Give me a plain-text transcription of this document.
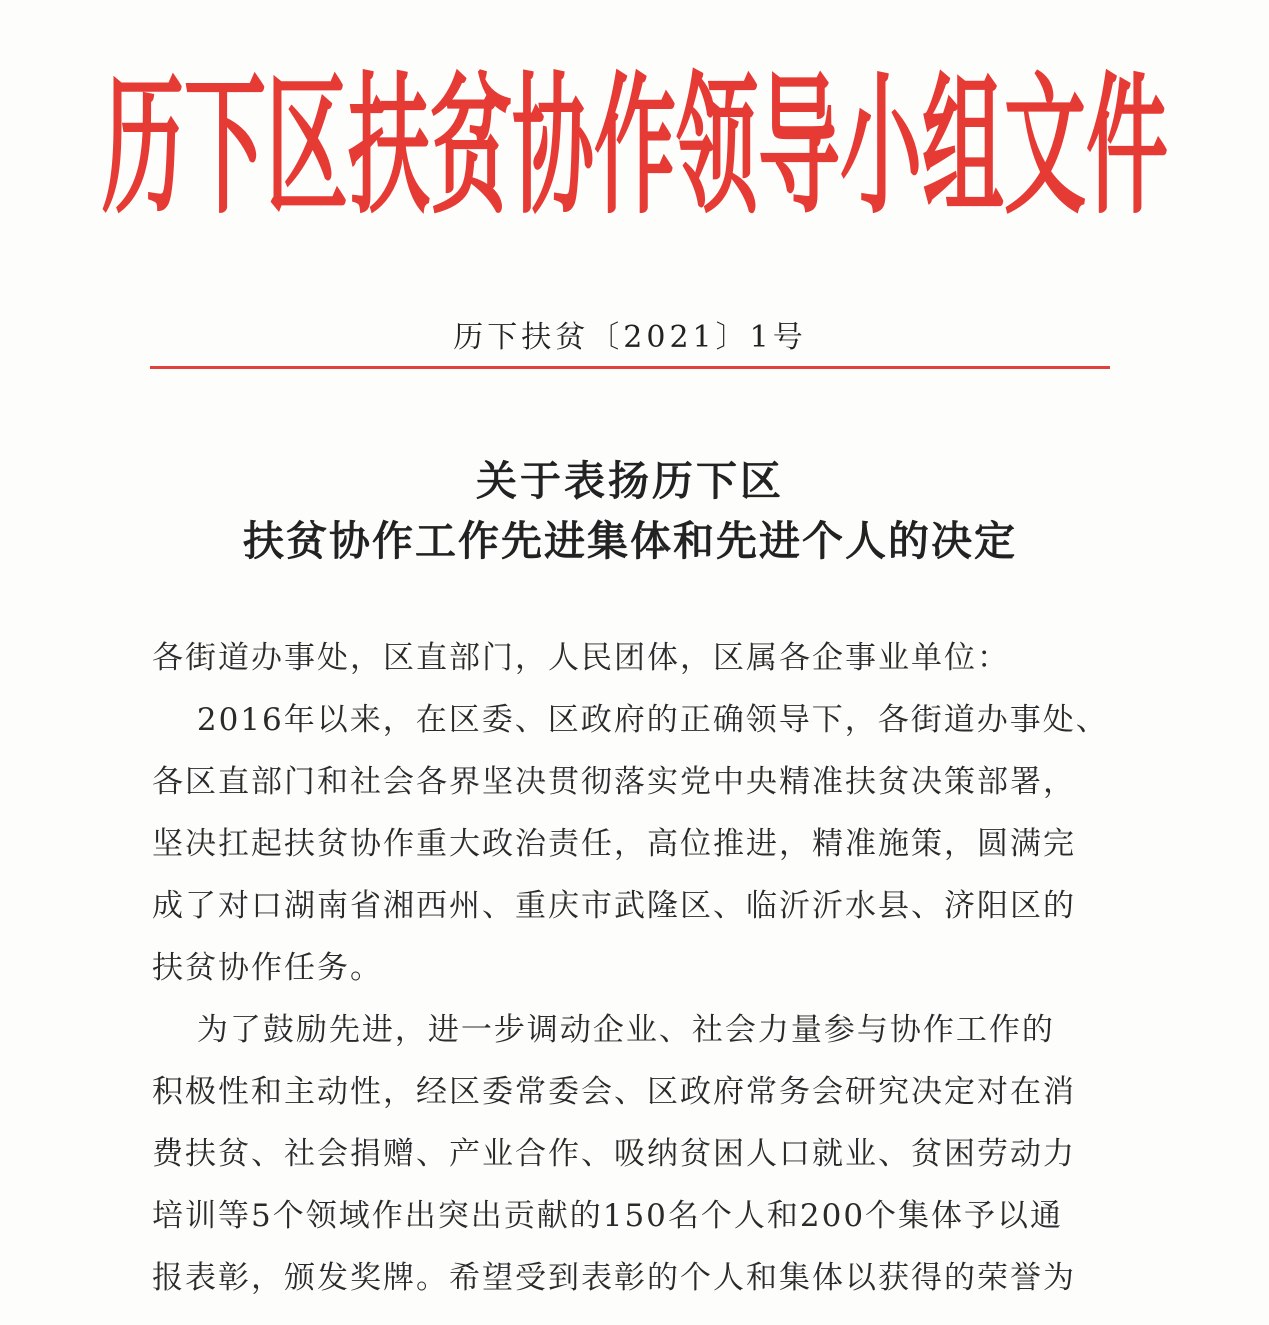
历下区扶贫协作领导小组文件
历下扶贫〔2021〕1号
关于表扬历下区
扶贫协作工作先进集体和先进个人的决定
各街道办事处，区直部门，人民团体，区属各企事业单位：
　 2016年以来，在区委、区政府的正确领导下，各街道办事处、
各区直部门和社会各界坚决贯彻落实党中央精准扶贫决策部署，
坚决扛起扶贫协作重大政治责任，高位推进，精准施策，圆满完
成了对口湖南省湘西州、重庆市武隆区、临沂沂水县、济阳区的
扶贫协作任务。
　 为了鼓励先进，进一步调动企业、社会力量参与协作工作的
积极性和主动性，经区委常委会、区政府常务会研究决定对在消
费扶贫、社会捐赠、产业合作、吸纳贫困人口就业、贫困劳动力
培训等5个领域作出突出贡献的150名个人和200个集体予以通
报表彰，颁发奖牌。希望受到表彰的个人和集体以获得的荣誉为
